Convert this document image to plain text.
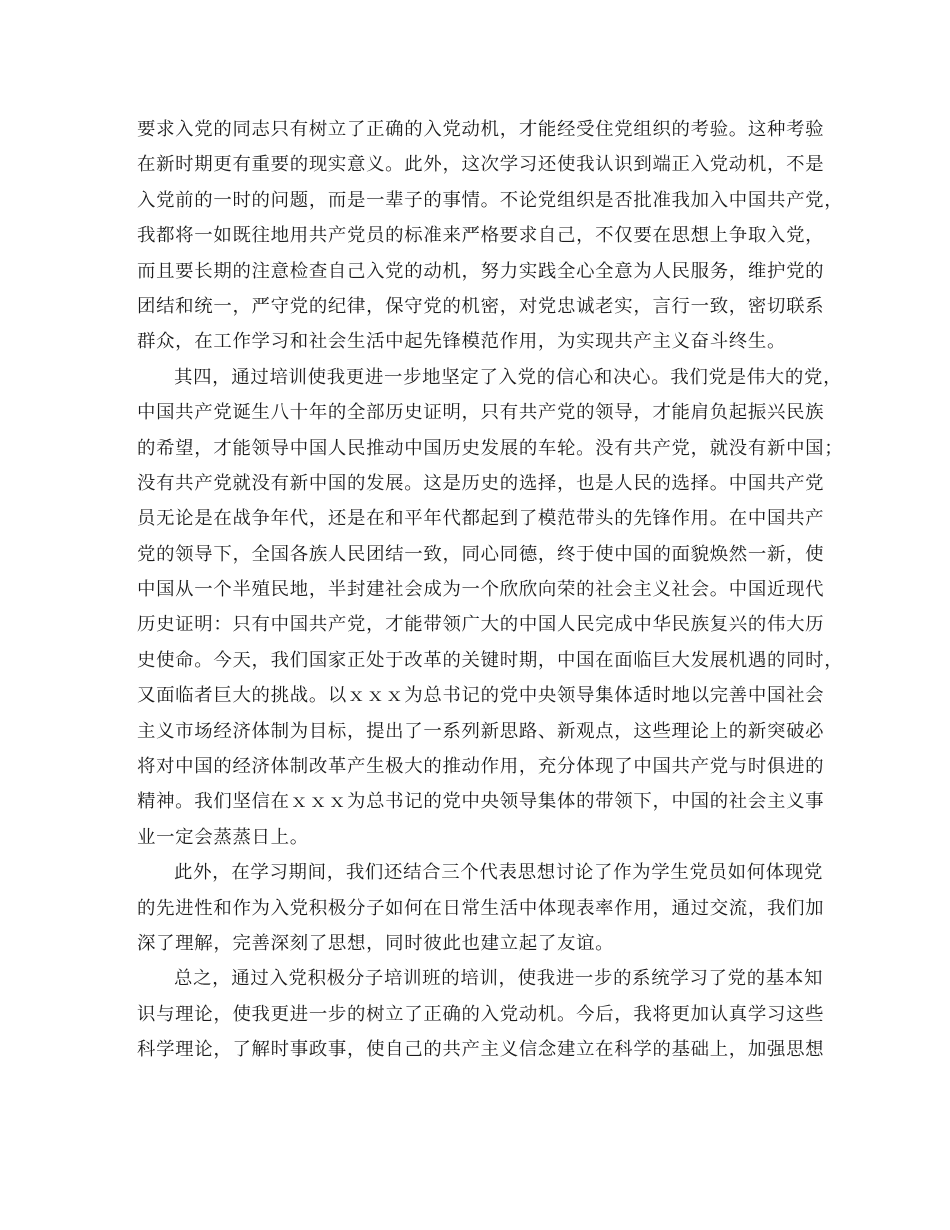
要求入党的同志只有树立了正确的入党动机，才能经受住党组织的考验。这种考验
在新时期更有重要的现实意义。此外，这次学习还使我认识到端正入党动机，不是
入党前的一时的问题，而是一辈子的事情。不论党组织是否批准我加入中国共产党，
我都将一如既往地用共产党员的标准来严格要求自己，不仅要在思想上争取入党，
而且要长期的注意检查自己入党的动机，努力实践全心全意为人民服务，维护党的
团结和统一，严守党的纪律，保守党的机密，对党忠诚老实，言行一致，密切联系
群众，在工作学习和社会生活中起先锋模范作用，为实现共产主义奋斗终生。
其四，通过培训使我更进一步地坚定了入党的信心和决心。我们党是伟大的党，
中国共产党诞生八十年的全部历史证明，只有共产党的领导，才能肩负起振兴民族
的希望，才能领导中国人民推动中国历史发展的车轮。没有共产党，就没有新中国；
没有共产党就没有新中国的发展。这是历史的选择，也是人民的选择。中国共产党
员无论是在战争年代，还是在和平年代都起到了模范带头的先锋作用。在中国共产
党的领导下，全国各族人民团结一致，同心同德，终于使中国的面貌焕然一新，使
中国从一个半殖民地，半封建社会成为一个欣欣向荣的社会主义社会。中国近现代
历史证明：只有中国共产党，才能带领广大的中国人民完成中华民族复兴的伟大历
史使命。今天，我们国家正处于改革的关键时期，中国在面临巨大发展机遇的同时，
又面临者巨大的挑战。以ｘｘｘ为总书记的党中央领导集体适时地以完善中国社会
主义市场经济体制为目标，提出了一系列新思路、新观点，这些理论上的新突破必
将对中国的经济体制改革产生极大的推动作用，充分体现了中国共产党与时俱进的
精神。我们坚信在ｘｘｘ为总书记的党中央领导集体的带领下，中国的社会主义事
业一定会蒸蒸日上。
此外，在学习期间，我们还结合三个代表思想讨论了作为学生党员如何体现党
的先进性和作为入党积极分子如何在日常生活中体现表率作用，通过交流，我们加
深了理解，完善深刻了思想，同时彼此也建立起了友谊。
总之，通过入党积极分子培训班的培训，使我进一步的系统学习了党的基本知
识与理论，使我更进一步的树立了正确的入党动机。今后，我将更加认真学习这些
科学理论，了解时事政事，使自己的共产主义信念建立在科学的基础上，加强思想
